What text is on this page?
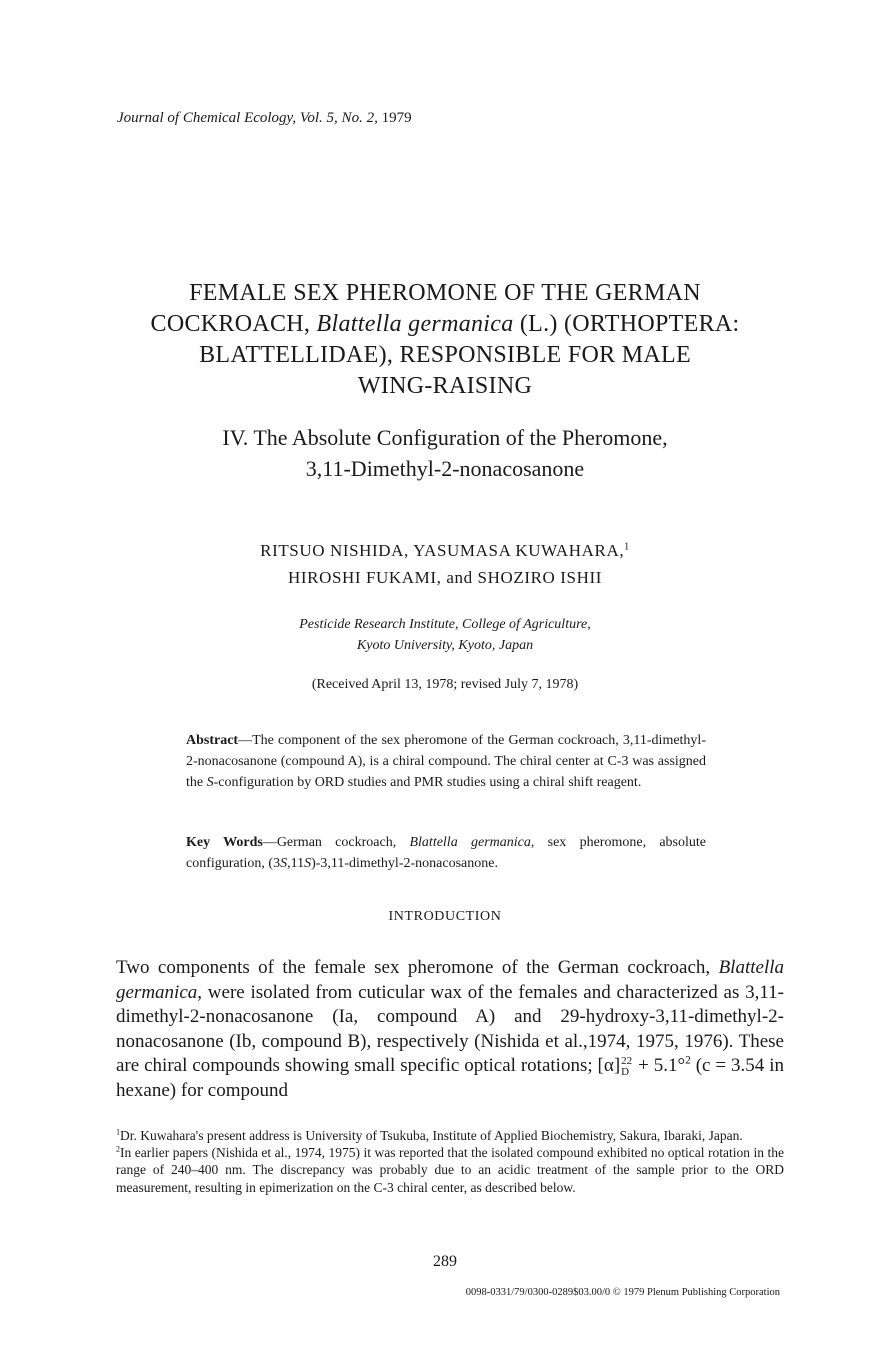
Journal of Chemical Ecology, Vol. 5, No. 2, 1979
FEMALE SEX PHEROMONE OF THE GERMAN
COCKROACH, Blattella germanica (L.) (ORTHOPTERA:
BLATTELLIDAE), RESPONSIBLE FOR MALE
WING-RAISING
IV. The Absolute Configuration of the Pheromone,
3,11-Dimethyl-2-nonacosanone
RITSUO NISHIDA, YASUMASA KUWAHARA,$^1$
HIROSHI FUKAMI, and SHOZIRO ISHII
Pesticide Research Institute, College of Agriculture,
Kyoto University, Kyoto, Japan
(Received April 13, 1978; revised July 7, 1978)
Abstract—The component of the sex pheromone of the German cockroach, 3,11-dimethyl-2-nonacosanone (compound A), is a chiral compound. The chiral center at C-3 was assigned the S-configuration by ORD studies and PMR studies using a chiral shift reagent.
Key Words—German cockroach, Blattella germanica, sex pheromone, absolute configuration, (3S,11S)-3,11-dimethyl-2-nonacosanone.
INTRODUCTION
Two components of the female sex pheromone of the German cockroach, Blattella germanica, were isolated from cuticular wax of the females and characterized as 3,11-dimethyl-2-nonacosanone (Ia, compound A) and 29-hydroxy-3,11-dimethyl-2-nonacosanone (Ib, compound B), respectively (Nishida et al.,1974, 1975, 1976). These are chiral compounds showing small specific optical rotations; [α] 22
D + 5.1°$^2$ (c = 3.54 in hexane) for compound

$^1$Dr. Kuwahara's present address is University of Tsukuba, Institute of Applied Biochemistry, Sakura, Ibaraki, Japan.

$^2$In earlier papers (Nishida et al., 1974, 1975) it was reported that the isolated compound exhibited no optical rotation in the range of 240–400 nm. The discrepancy was probably due to an acidic treatment of the sample prior to the ORD measurement, resulting in epimerization on the C-3 chiral center, as described below.

289
0098-0331/79/0300-0289$03.00/0 © 1979 Plenum Publishing Corporation
